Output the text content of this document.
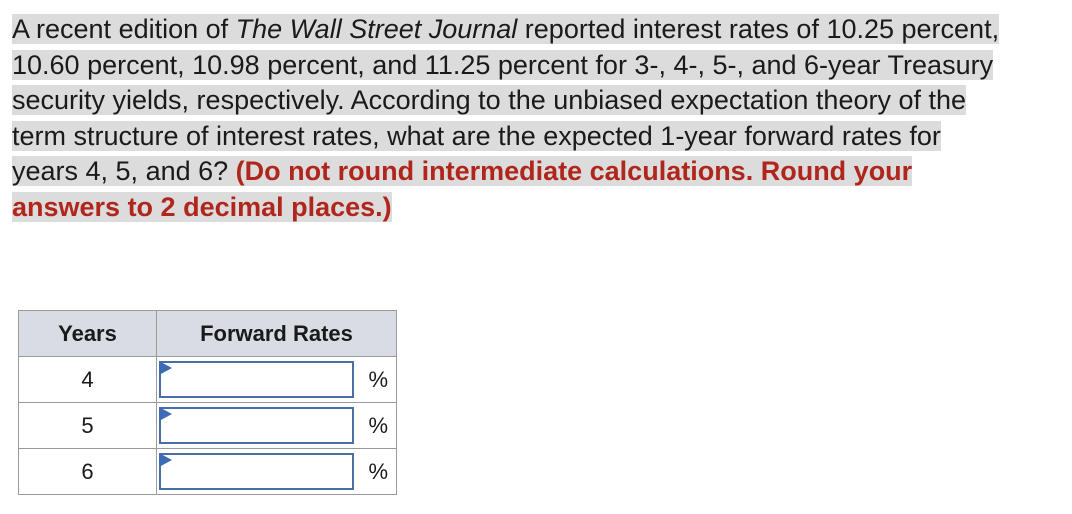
A recent edition of The Wall Street Journal reported interest rates of 10.25 percent, 10.60 percent, 10.98 percent, and 11.25 percent for 3-, 4-, 5-, and 6-year Treasury security yields, respectively. According to the unbiased expectation theory of the term structure of interest rates, what are the expected 1-year forward rates for years 4, 5, and 6? (Do not round intermediate calculations. Round your answers to 2 decimal places.)
Years	Forward Rates
4	%

5	%

6	%
